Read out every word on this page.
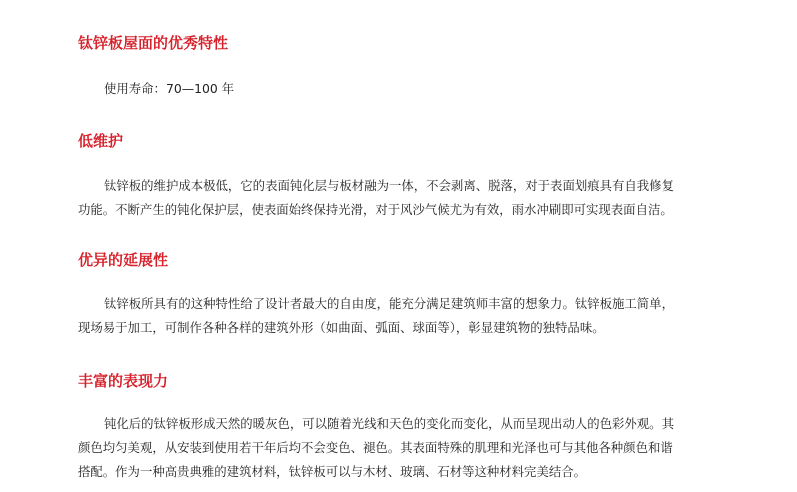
钛锌板屋面的优秀特性
使用寿命：70—100 年
低维护
钛锌板的维护成本极低，它的表面钝化层与板材融为一体，不会剥离、脱落，对于表面划痕具有自我修复
功能。不断产生的钝化保护层，使表面始终保持光滑，对于风沙气候尤为有效，雨水冲刷即可实现表面自洁。
优异的延展性
钛锌板所具有的这种特性给了设计者最大的自由度，能充分满足建筑师丰富的想象力。钛锌板施工简单，
现场易于加工，可制作各种各样的建筑外形（如曲面、弧面、球面等），彰显建筑物的独特品味。
丰富的表现力
钝化后的钛锌板形成天然的暖灰色，可以随着光线和天色的变化而变化，从而呈现出动人的色彩外观。其
颜色均匀美观，从安装到使用若干年后均不会变色、褪色。其表面特殊的肌理和光泽也可与其他各种颜色和谐
搭配。作为一种高贵典雅的建筑材料，钛锌板可以与木材、玻璃、石材等这种材料完美结合。
